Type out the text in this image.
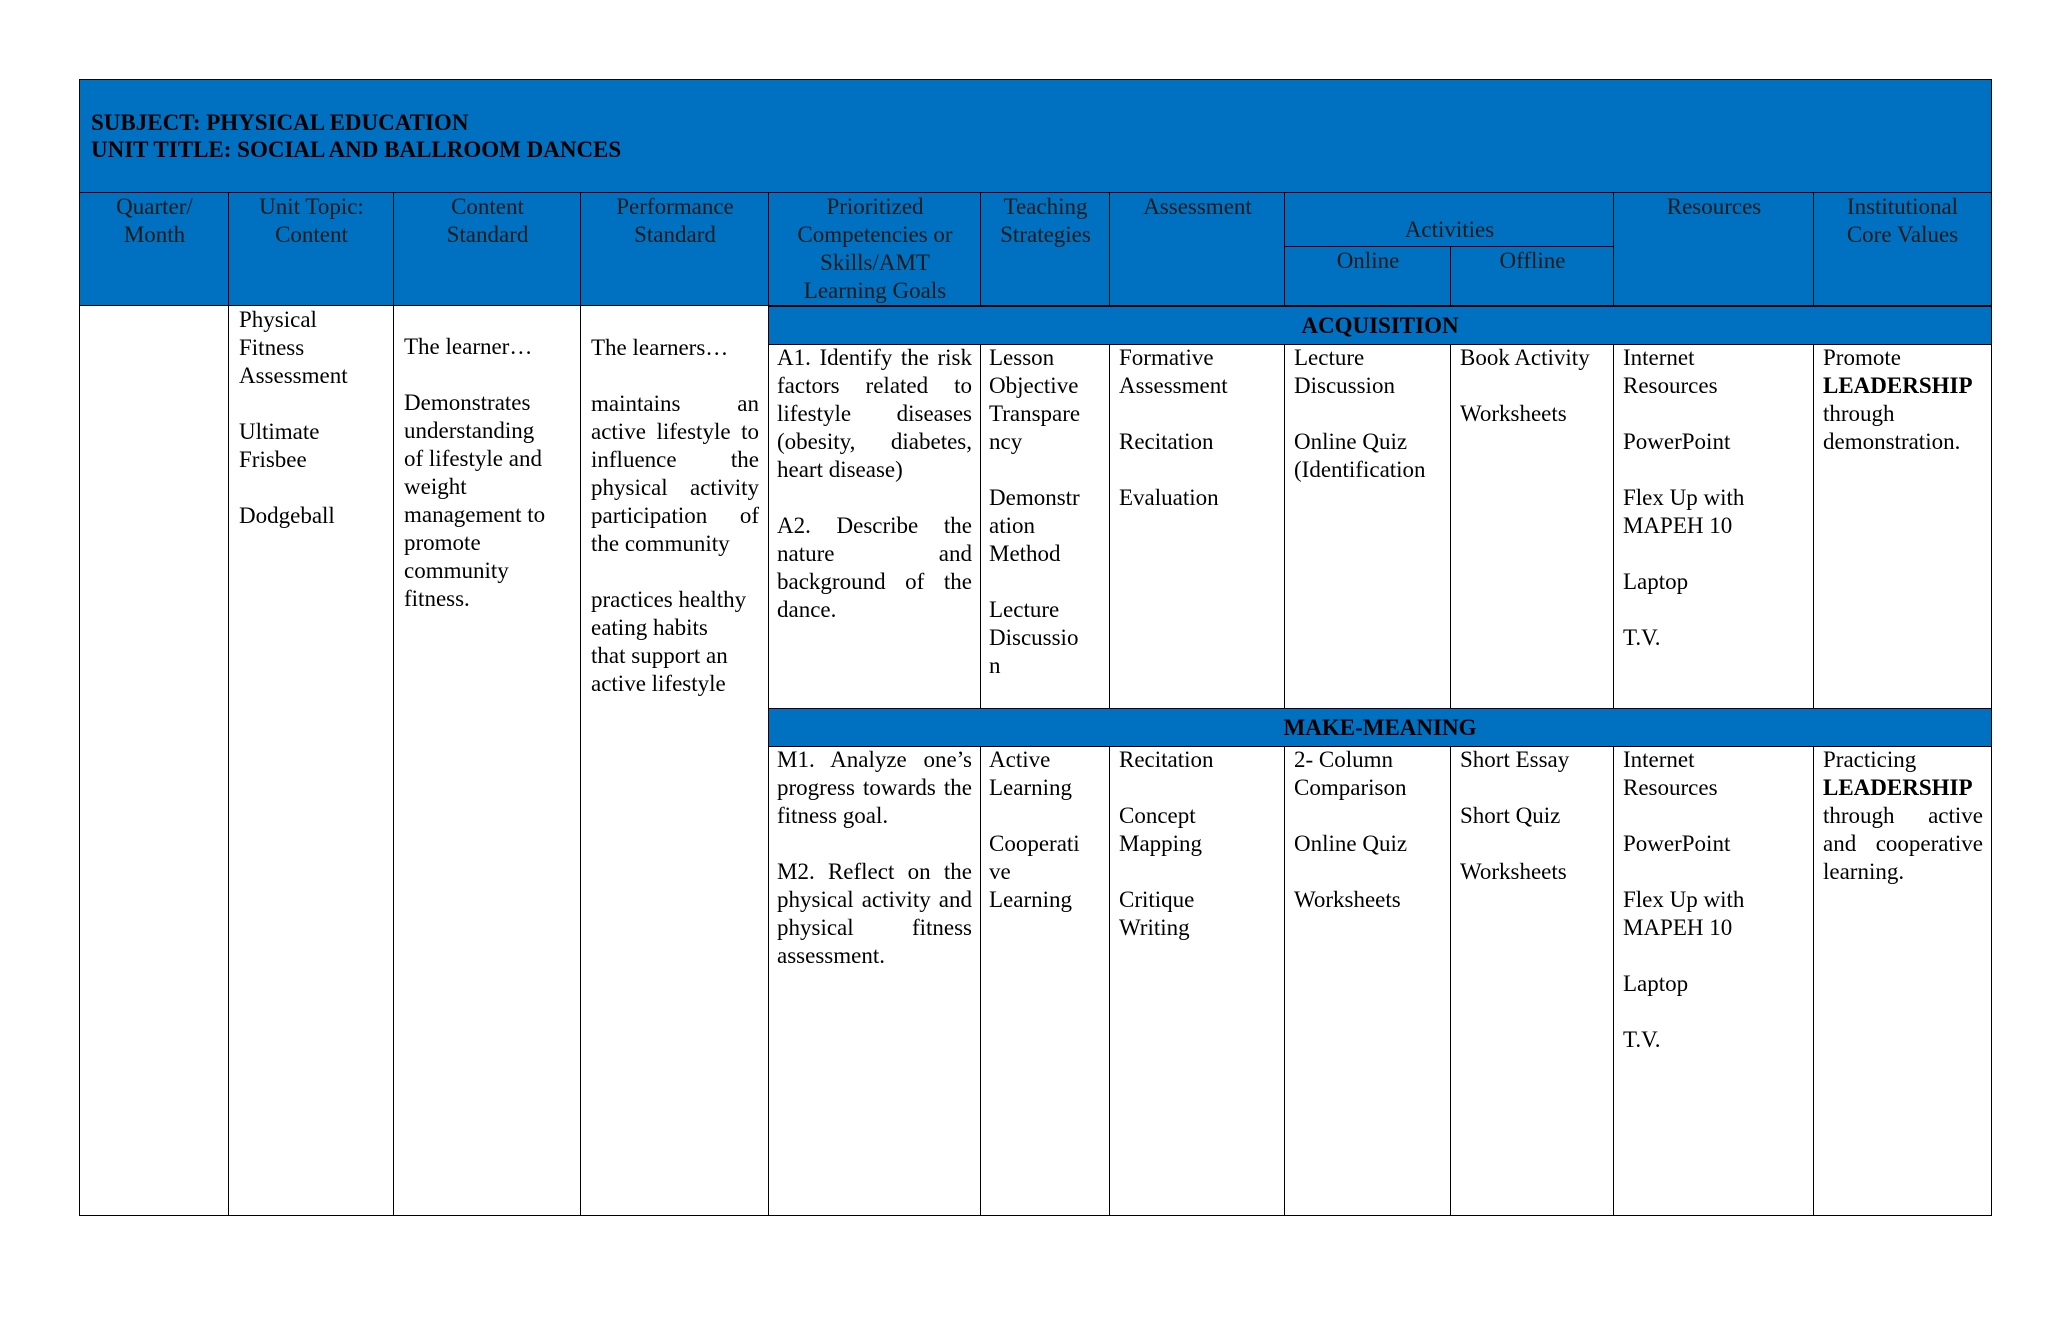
SUBJECT: PHYSICAL EDUCATION
UNIT TITLE: SOCIAL AND BALLROOM DANCES
Quarter/
Month
Unit Topic:
Content
Content
Standard
Performance
Standard
Prioritized
Competencies or
Skills/AMT
Learning Goals
Teaching
Strategies
Assessment
Activities
Online	Offline
Resources	Institutional
Core Values
ACQUISITION
MAKE-MEANING
Physical
Fitness
Assessment
Ultimate
Frisbee
Dodgeball

The learner…

Demonstrates
understanding
of lifestyle and
weight
management to
promote
community
fitness.

The learners…

maintains an active lifestyle to influence the physical activity participation of the community

practices healthy
eating habits
that support an
active lifestyle

A1. Identify the risk factors related to lifestyle diseases (obesity, diabetes, heart disease)

A2. Describe the nature and background of the dance.

Lesson
Objective
Transpare
ncy

Demonstr
ation
Method

Lecture
Discussio
n

Formative
Assessment

Recitation

Evaluation

Lecture
Discussion

Online Quiz
(Identification

Book Activity

Worksheets

Internet
Resources

PowerPoint

Flex Up with
MAPEH 10

Laptop

T.V.

Promote
LEADERSHIP
through
demonstration.

M1. Analyze one’s progress towards the fitness goal.

M2. Reflect on the physical activity and physical fitness assessment.

Active
Learning

Cooperati
ve
Learning

Recitation

Concept
Mapping

Critique
Writing

2- Column
Comparison

Online Quiz

Worksheets

Short Essay

Short Quiz

Worksheets

Internet
Resources

PowerPoint

Flex Up with
MAPEH 10

Laptop

T.V.

Practicing
LEADERSHIP
through active and cooperative learning.
